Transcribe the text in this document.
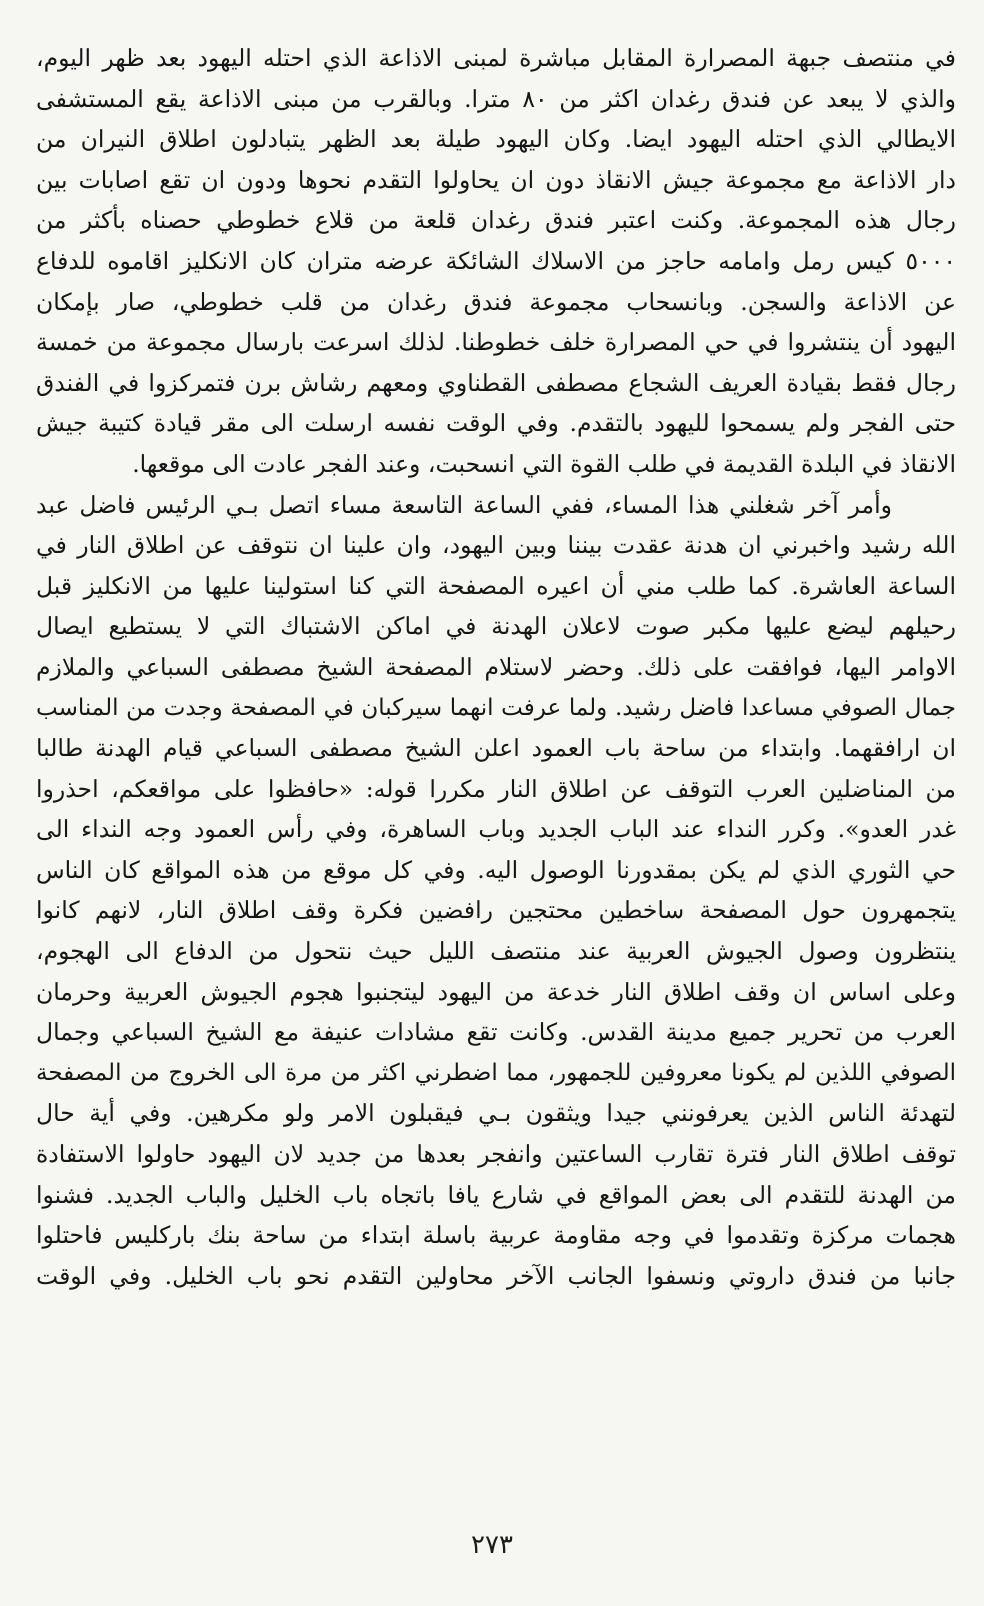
في منتصف جبهة المصرارة المقابل مباشرة لمبنى الاذاعة الذي احتله اليهود بعد ظهر اليوم،
والذي لا يبعد عن فندق رغدان اكثر من ٨٠ مترا. وبالقرب من مبنى الاذاعة يقع المستشفى
الايطالي الذي احتله اليهود ايضا. وكان اليهود طيلة بعد الظهر يتبادلون اطلاق النيران من
دار الاذاعة مع مجموعة جيش الانقاذ دون ان يحاولوا التقدم نحوها ودون ان تقع اصابات بين
رجال هذه المجموعة. وكنت اعتبر فندق رغدان قلعة من قلاع خطوطي حصناه بأكثر من
٥٠٠٠ كيس رمل وامامه حاجز من الاسلاك الشائكة عرضه متران كان الانكليز اقاموه للدفاع
عن الاذاعة والسجن. وبانسحاب مجموعة فندق رغدان من قلب خطوطي، صار بإمكان
اليهود أن ينتشروا في حي المصرارة خلف خطوطنا. لذلك اسرعت بارسال مجموعة من خمسة
رجال فقط بقيادة العريف الشجاع مصطفى القطناوي ومعهم رشاش برن فتمركزوا في الفندق
حتى الفجر ولم يسمحوا لليهود بالتقدم. وفي الوقت نفسه ارسلت الى مقر قيادة كتيبة جيش
الانقاذ في البلدة القديمة في طلب القوة التي انسحبت، وعند الفجر عادت الى موقعها.
وأمر آخر شغلني هذا المساء، ففي الساعة التاسعة مساء اتصل بـي الرئيس فاضل عبد
الله رشيد واخبرني ان هدنة عقدت بيننا وبين اليهود، وان علينا ان نتوقف عن اطلاق النار في
الساعة العاشرة. كما طلب مني أن اعيره المصفحة التي كنا استولينا عليها من الانكليز قبل
رحيلهم ليضع عليها مكبر صوت لاعلان الهدنة في اماكن الاشتباك التي لا يستطيع ايصال
الاوامر اليها، فوافقت على ذلك. وحضر لاستلام المصفحة الشيخ مصطفى السباعي والملازم
جمال الصوفي مساعدا فاضل رشيد. ولما عرفت انهما سيركبان في المصفحة وجدت من المناسب
ان ارافقهما. وابتداء من ساحة باب العمود اعلن الشيخ مصطفى السباعي قيام الهدنة طالبا
من المناضلين العرب التوقف عن اطلاق النار مكررا قوله: «حافظوا على مواقعكم، احذروا
غدر العدو». وكرر النداء عند الباب الجديد وباب الساهرة، وفي رأس العمود وجه النداء الى
حي الثوري الذي لم يكن بمقدورنا الوصول اليه. وفي كل موقع من هذه المواقع كان الناس
يتجمهرون حول المصفحة ساخطين محتجين رافضين فكرة وقف اطلاق النار، لانهم كانوا
ينتظرون وصول الجيوش العربية عند منتصف الليل حيث نتحول من الدفاع الى الهجوم،
وعلى اساس ان وقف اطلاق النار خدعة من اليهود ليتجنبوا هجوم الجيوش العربية وحرمان
العرب من تحرير جميع مدينة القدس. وكانت تقع مشادات عنيفة مع الشيخ السباعي وجمال
الصوفي اللذين لم يكونا معروفين للجمهور، مما اضطرني اكثر من مرة الى الخروج من المصفحة
لتهدئة الناس الذين يعرفونني جيدا ويثقون بـي فيقبلون الامر ولو مكرهين. وفي أية حال
توقف اطلاق النار فترة تقارب الساعتين وانفجر بعدها من جديد لان اليهود حاولوا الاستفادة
من الهدنة للتقدم الى بعض المواقع في شارع يافا باتجاه باب الخليل والباب الجديد. فشنوا
هجمات مركزة وتقدموا في وجه مقاومة عربية باسلة ابتداء من ساحة بنك باركليس فاحتلوا
جانبا من فندق داروتي ونسفوا الجانب الآخر محاولين التقدم نحو باب الخليل. وفي الوقت
٢٧٣
